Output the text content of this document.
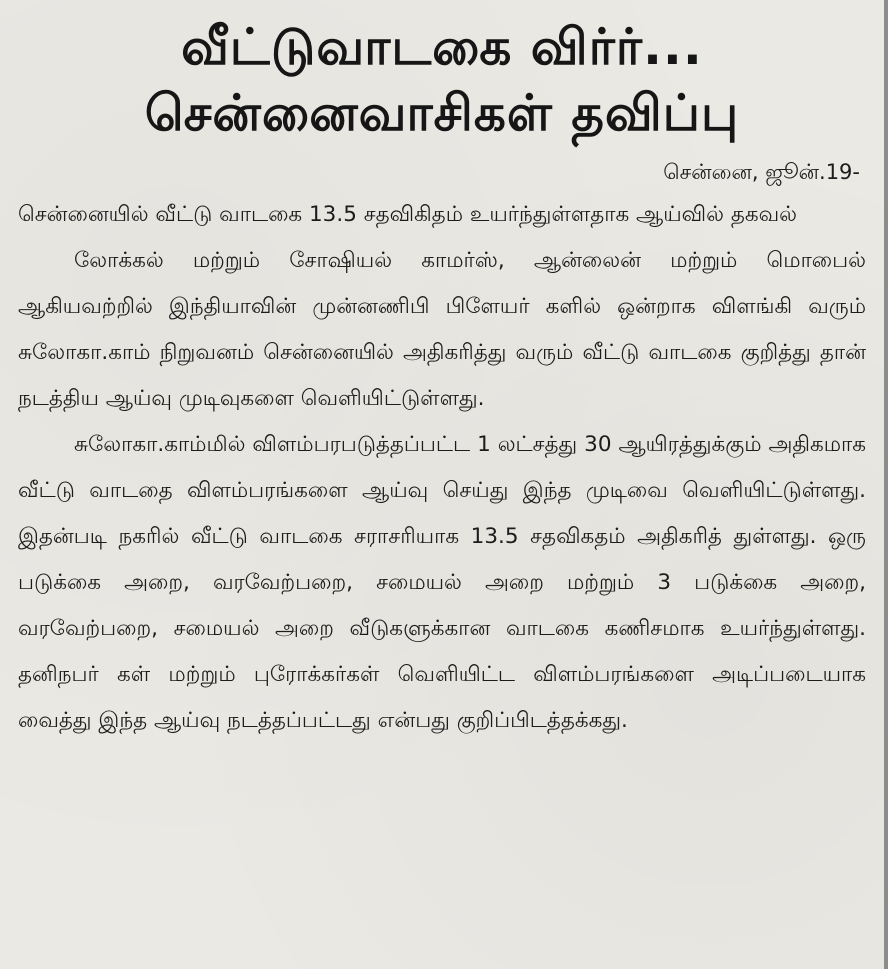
வீட்டுவாடகை விர்ர்...
சென்னைவாசிகள் தவிப்பு
சென்னை, ஜூன்.19-

சென்னையில் வீட்டு வாடகை 13.5 சதவிகிதம் உயர்ந்துள்ளதாக ஆய்வில் தகவல்

லோக்கல் மற்றும் சோஷியல் காமர்ஸ், ஆன்லைன் மற்றும் மொபைல் ஆகியவற்றில் இந்தியாவின் முன்னணிபி பிளேயர் களில் ஒன்றாக விளங்கி வரும் சுலோகா.காம் நிறுவனம் சென்னையில் அதிகரித்து வரும் வீட்டு வாடகை குறித்து தான் நடத்திய ஆய்வு முடிவுகளை வெளியிட்டுள்ளது.

சுலோகா.காம்மில் விளம்பரபடுத்தப்பட்ட 1 லட்சத்து 30 ஆயிரத்துக்கும் அதிகமாக வீட்டு வாடதை விளம்பரங்களை ஆய்வு செய்து இந்த முடிவை வெளியிட்டுள்ளது. இதன்படி நகரில் வீட்டு வாடகை சராசரியாக 13.5 சதவிகதம் அதிகரித் துள்ளது. ஒரு படுக்கை அறை, வரவேற்பறை, சமையல் அறை மற்றும் 3 படுக்கை அறை, வரவேற்பறை, சமையல் அறை வீடுகளுக்கான வாடகை கணிசமாக உயர்ந்துள்ளது. தனிநபர் கள் மற்றும் புரோக்கர்கள் வெளியிட்ட விளம்பரங்களை அடிப்படையாக வைத்து இந்த ஆய்வு நடத்தப்பட்டது என்பது குறிப்பிடத்தக்கது.
